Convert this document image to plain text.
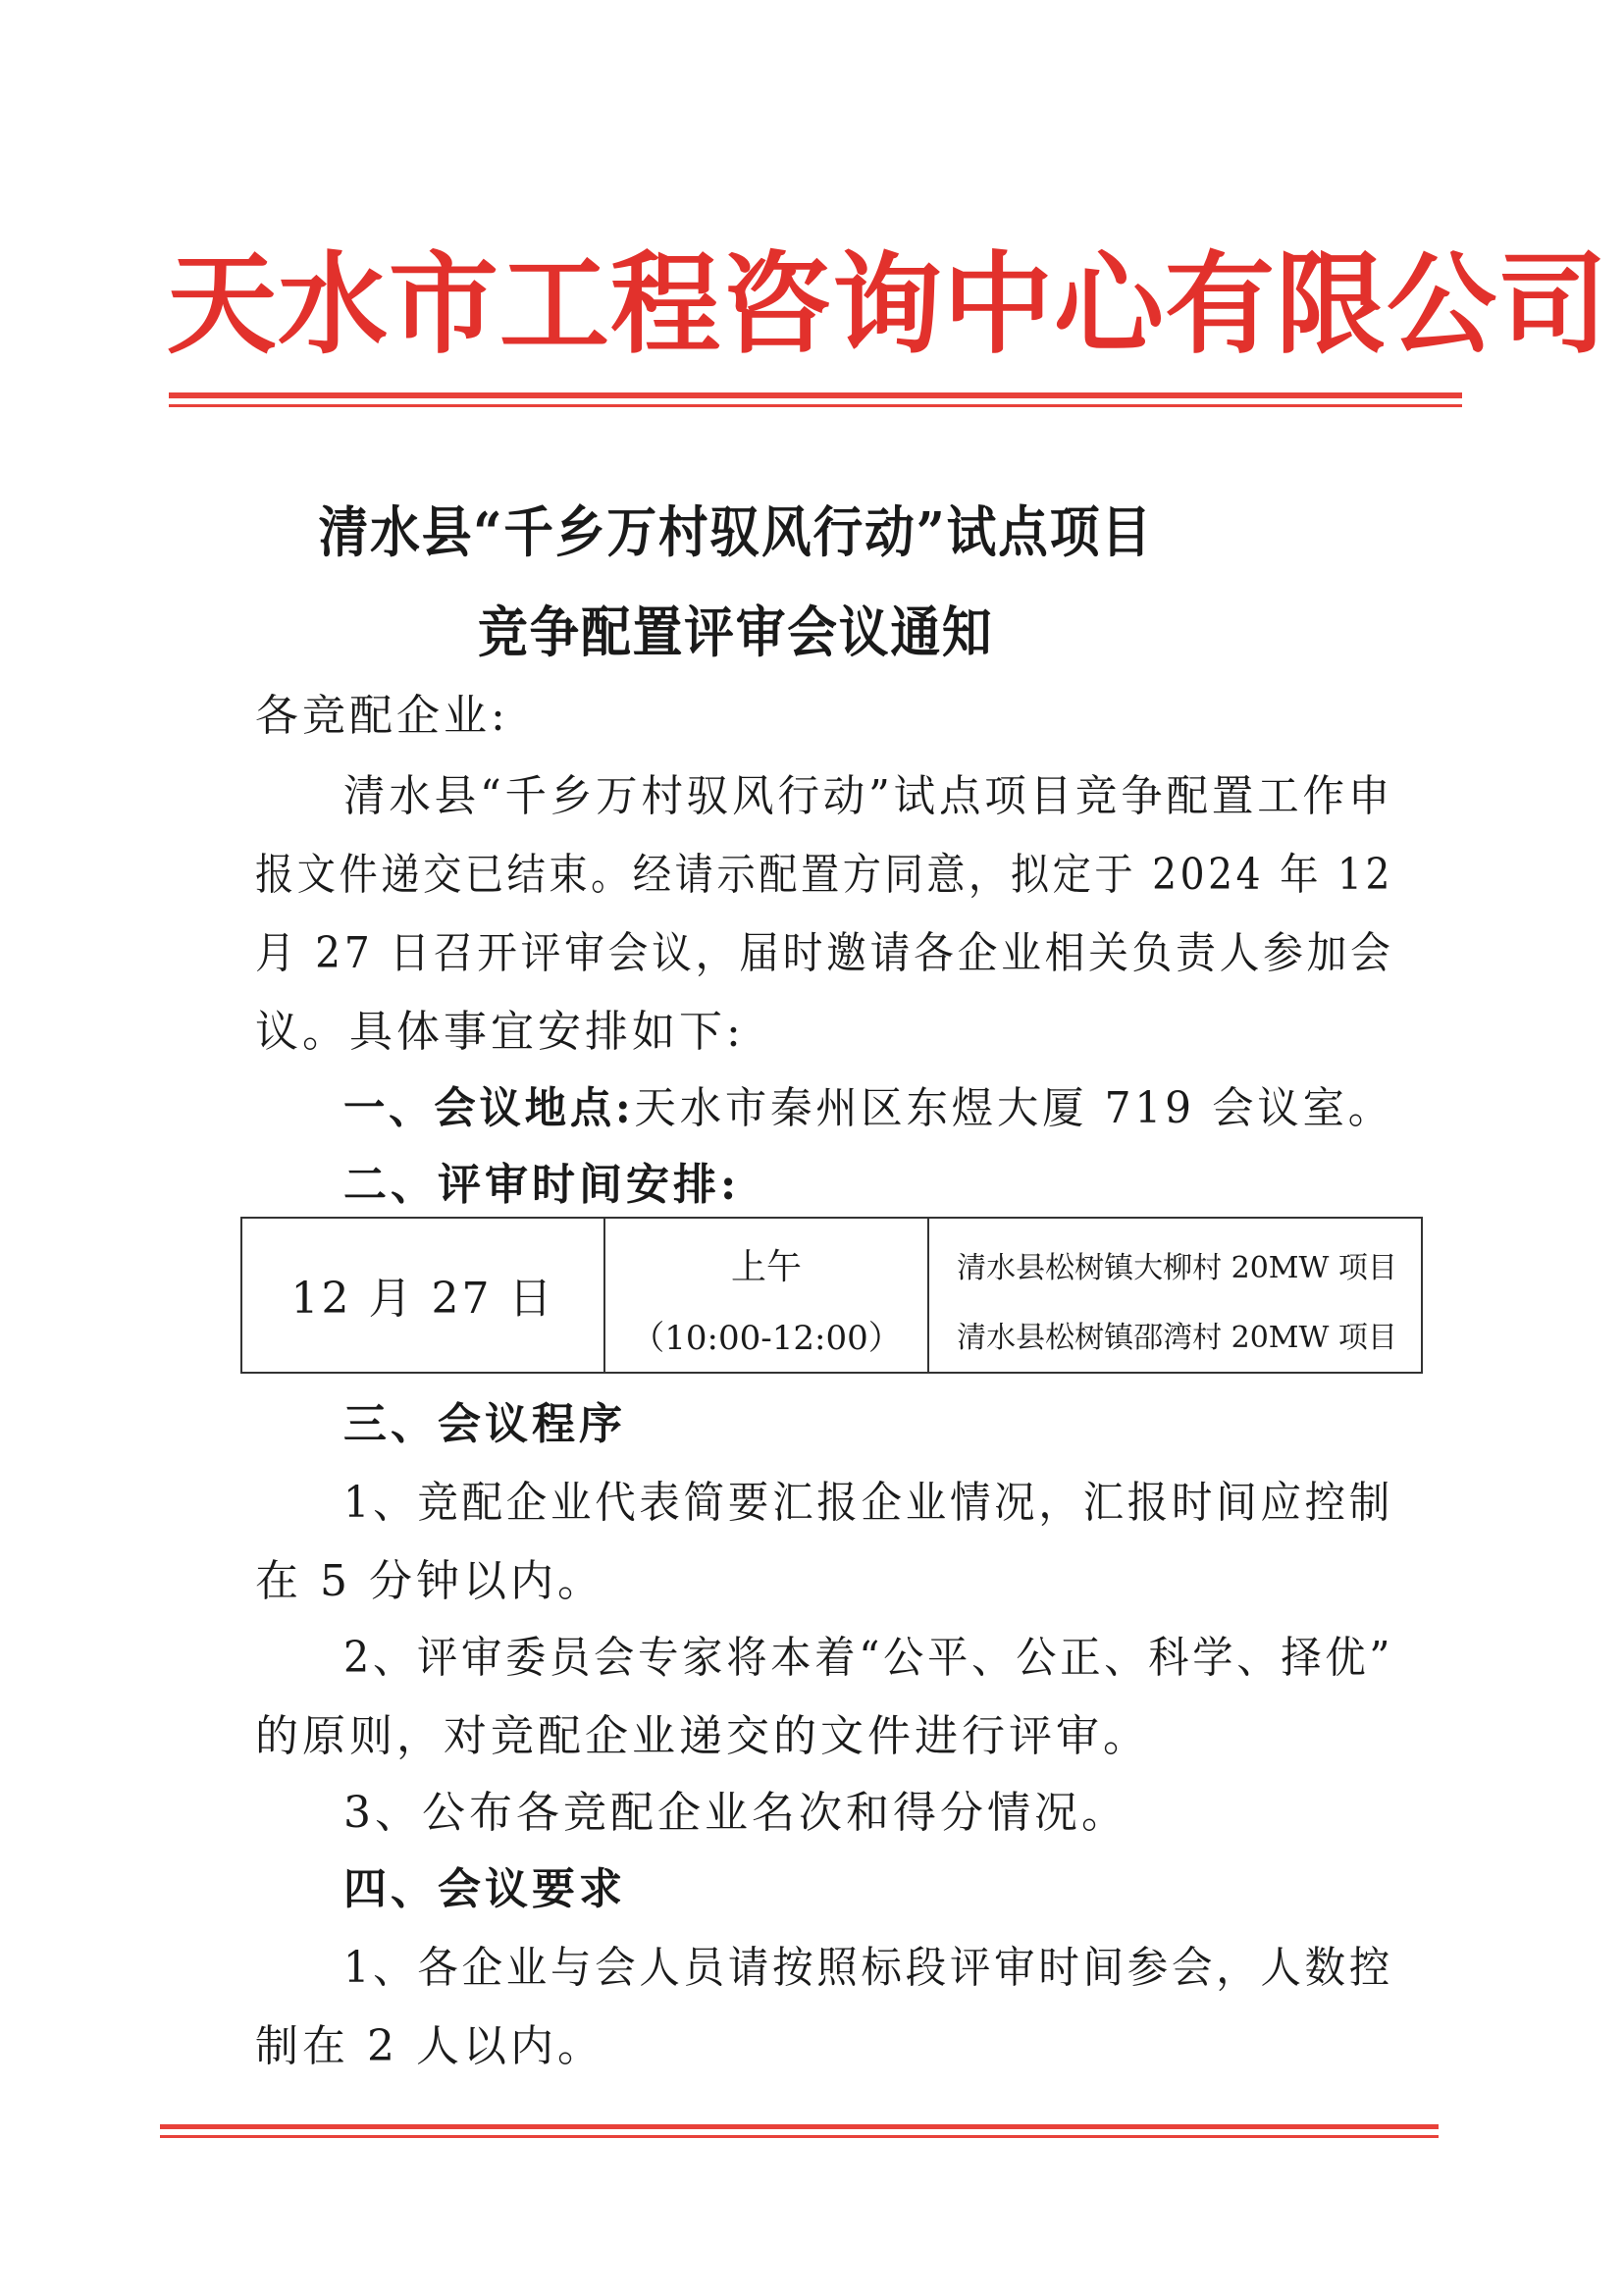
天水市工程咨询中心有限公司
清水县“千乡万村驭风行动”试点项目
竞争配置评审会议通知
各竞配企业:
清水县“千乡万村驭风行动”试点项目竞争配置工作申
报文件递交已结束。经请示配置方同意，拟定于 2024 年 12
月 27 日召开评审会议，届时邀请各企业相关负责人参加会
议。具体事宜安排如下:
一、会议地点:天水市秦州区东煜大厦 719 会议室。
二、评审时间安排:
12 月 27 日
上午
（10:00-12:00）
清水县松树镇大柳村 20MW 项目
清水县松树镇邵湾村 20MW 项目
三、会议程序
1、竞配企业代表简要汇报企业情况，汇报时间应控制
在 5 分钟以内。
2、评审委员会专家将本着“公平、公正、科学、择优”
的原则，对竞配企业递交的文件进行评审。
3、公布各竞配企业名次和得分情况。
四、会议要求
1、各企业与会人员请按照标段评审时间参会，人数控
制在 2 人以内。
